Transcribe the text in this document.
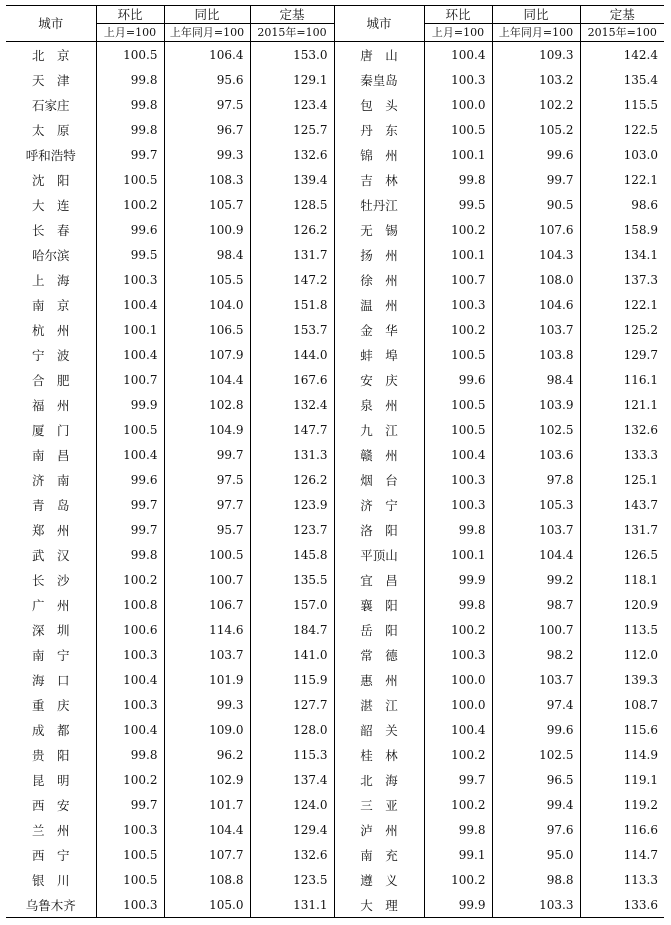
城市	环比	同比	定基	城市	环比	同比	定基
	上月=100	上年同月=100	2015年=100		上月=100	上年同月=100	2015年=100
北　京	100.5	106.4	153.0	唐　山	100.4	109.3	142.4
天　津	99.8	95.6	129.1	秦皇岛	100.3	103.2	135.4
石家庄	99.8	97.5	123.4	包　头	100.0	102.2	115.5
太　原	99.8	96.7	125.7	丹　东	100.5	105.2	122.5
呼和浩特	99.7	99.3	132.6	锦　州	100.1	99.6	103.0
沈　阳	100.5	108.3	139.4	吉　林	99.8	99.7	122.1
大　连	100.2	105.7	128.5	牡丹江	99.5	90.5	98.6
长　春	99.6	100.9	126.2	无　锡	100.2	107.6	158.9
哈尔滨	99.5	98.4	131.7	扬　州	100.1	104.3	134.1
上　海	100.3	105.5	147.2	徐　州	100.7	108.0	137.3
南　京	100.4	104.0	151.8	温　州	100.3	104.6	122.1
杭　州	100.1	106.5	153.7	金　华	100.2	103.7	125.2
宁　波	100.4	107.9	144.0	蚌　埠	100.5	103.8	129.7
合　肥	100.7	104.4	167.6	安　庆	99.6	98.4	116.1
福　州	99.9	102.8	132.4	泉　州	100.5	103.9	121.1
厦　门	100.5	104.9	147.7	九　江	100.5	102.5	132.6
南　昌	100.4	99.7	131.3	赣　州	100.4	103.6	133.3
济　南	99.6	97.5	126.2	烟　台	100.3	97.8	125.1
青　岛	99.7	97.7	123.9	济　宁	100.3	105.3	143.7
郑　州	99.7	95.7	123.7	洛　阳	99.8	103.7	131.7
武　汉	99.8	100.5	145.8	平顶山	100.1	104.4	126.5
长　沙	100.2	100.7	135.5	宜　昌	99.9	99.2	118.1
广　州	100.8	106.7	157.0	襄　阳	99.8	98.7	120.9
深　圳	100.6	114.6	184.7	岳　阳	100.2	100.7	113.5
南　宁	100.3	103.7	141.0	常　德	100.3	98.2	112.0
海　口	100.4	101.9	115.9	惠　州	100.0	103.7	139.3
重　庆	100.3	99.3	127.7	湛　江	100.0	97.4	108.7
成　都	100.4	109.0	128.0	韶　关	100.4	99.6	115.6
贵　阳	99.8	96.2	115.3	桂　林	100.2	102.5	114.9
昆　明	100.2	102.9	137.4	北　海	99.7	96.5	119.1
西　安	99.7	101.7	124.0	三　亚	100.2	99.4	119.2
兰　州	100.3	104.4	129.4	泸　州	99.8	97.6	116.6
西　宁	100.5	107.7	132.6	南　充	99.1	95.0	114.7
银　川	100.5	108.8	123.5	遵　义	100.2	98.8	113.3
乌鲁木齐	100.3	105.0	131.1	大　理	99.9	103.3	133.6
